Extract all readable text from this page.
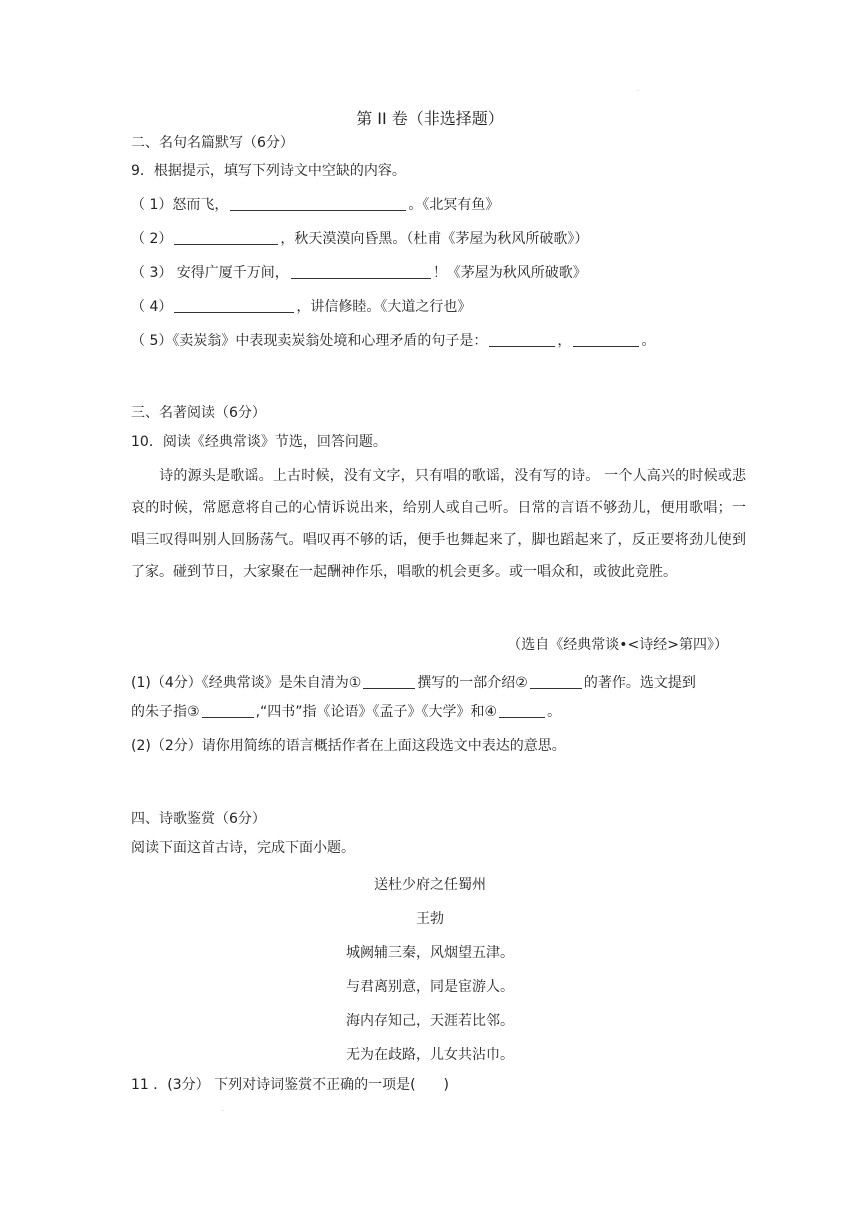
·
第 II 卷（非选择题）
二、名句名篇默写（6分）
9．根据提示，填写下列诗文中空缺的内容。
（ 1）怒而飞，	。《北冥有鱼》
（ 2）	，秋天漠漠向昏黑。（杜甫《茅屋为秋风所破歌》）
（ 3） 安得广厦千万间，	！《茅屋为秋风所破歌》
（ 4）	，讲信修睦。《大道之行也》
（ 5）《卖炭翁》中表现卖炭翁处境和心理矛盾的句子是：	，	。
三、名著阅读（6分）
10．阅读《经典常谈》节选，回答问题。
诗的源头是歌谣。上古时候，没有文字，只有唱的歌谣，没有写的诗。 一个人高兴的时候或悲哀的时候，常愿意将自己的心情诉说出来，给别人或自己听。日常的言语不够劲儿，便用歌唱；一唱三叹得叫别人回肠荡气。唱叹再不够的话，便手也舞起来了，脚也蹈起来了，反正要将劲儿使到了家。碰到节日，大家聚在一起酬神作乐，唱歌的机会更多。或一唱众和，或彼此竞胜。
（选自《经典常谈•<诗经>第四》）
(1)（4分）《经典常谈》是朱自清为①	撰写的一部介绍②	的著作。选文提到
的朱子指③	,“四书”指《论语》《孟子》《大学》和④	。
(2)（2分）请你用简练的语言概括作者在上面这段选文中表达的意思。
四、诗歌鉴赏（6分）
阅读下面这首古诗，完成下面小题。
送杜少府之任蜀州
王勃
城阙辅三秦，风烟望五津。
与君离别意，同是宦游人。
海内存知己，天涯若比邻。
无为在歧路，儿女共沾巾。
11 ．(3分） 下列对诗词鉴赏不正确的一项是(　　)
·
